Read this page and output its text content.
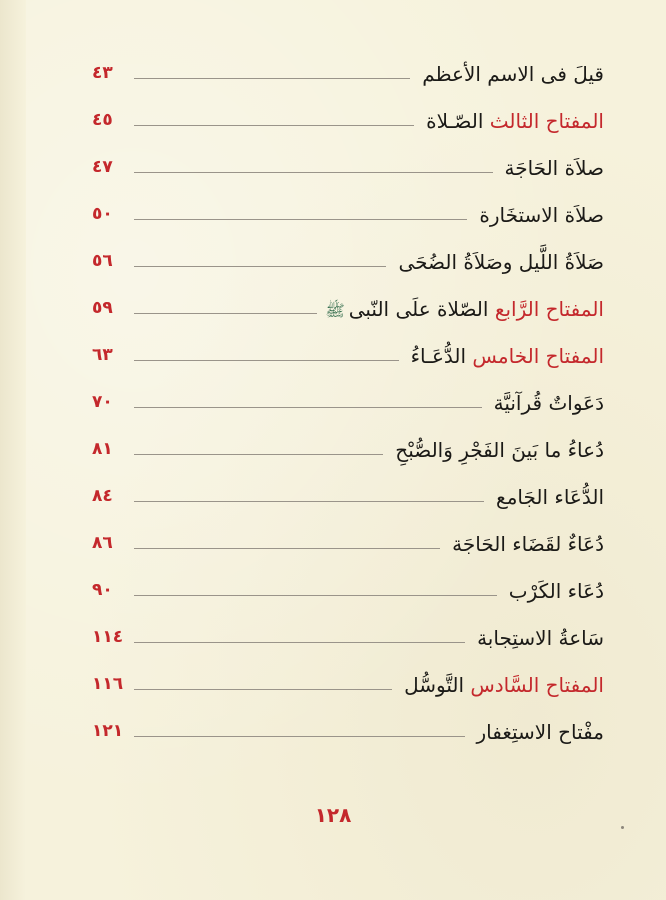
قيلَ فى الاسم الأعظم
٤٣
المفتاح الثالث الصّـلاة
٤٥
صلاَة الحَاجَة
٤٧
صلاَة الاستخَارة
٥٠
صَلاَةُ اللَّيل وصَلاَةُ الضُحَى
٥٦
المفتاح الرَّابع الصّلاة علَى النّبىﷺ
٥٩
المفتاح الخامس الدُّعَـاءُ
٦٣
دَعَواتٌ قُرآنيَّة
٧٠
دُعاءُ ما بَينَ الفَجْرِ وَالصُّبْحِ
٨١
الدُّعَاء الجَامع
٨٤
دُعَاءٌ لقَضَاء الحَاجَة
٨٦
دُعَاء الكَرْب
٩٠
سَاعةُ الاستِجابة
١١٤
المفتاح السَّادس التَّوسُّل
١١٦
مفْتاح الاستِغفار
١٢١
١٢٨
